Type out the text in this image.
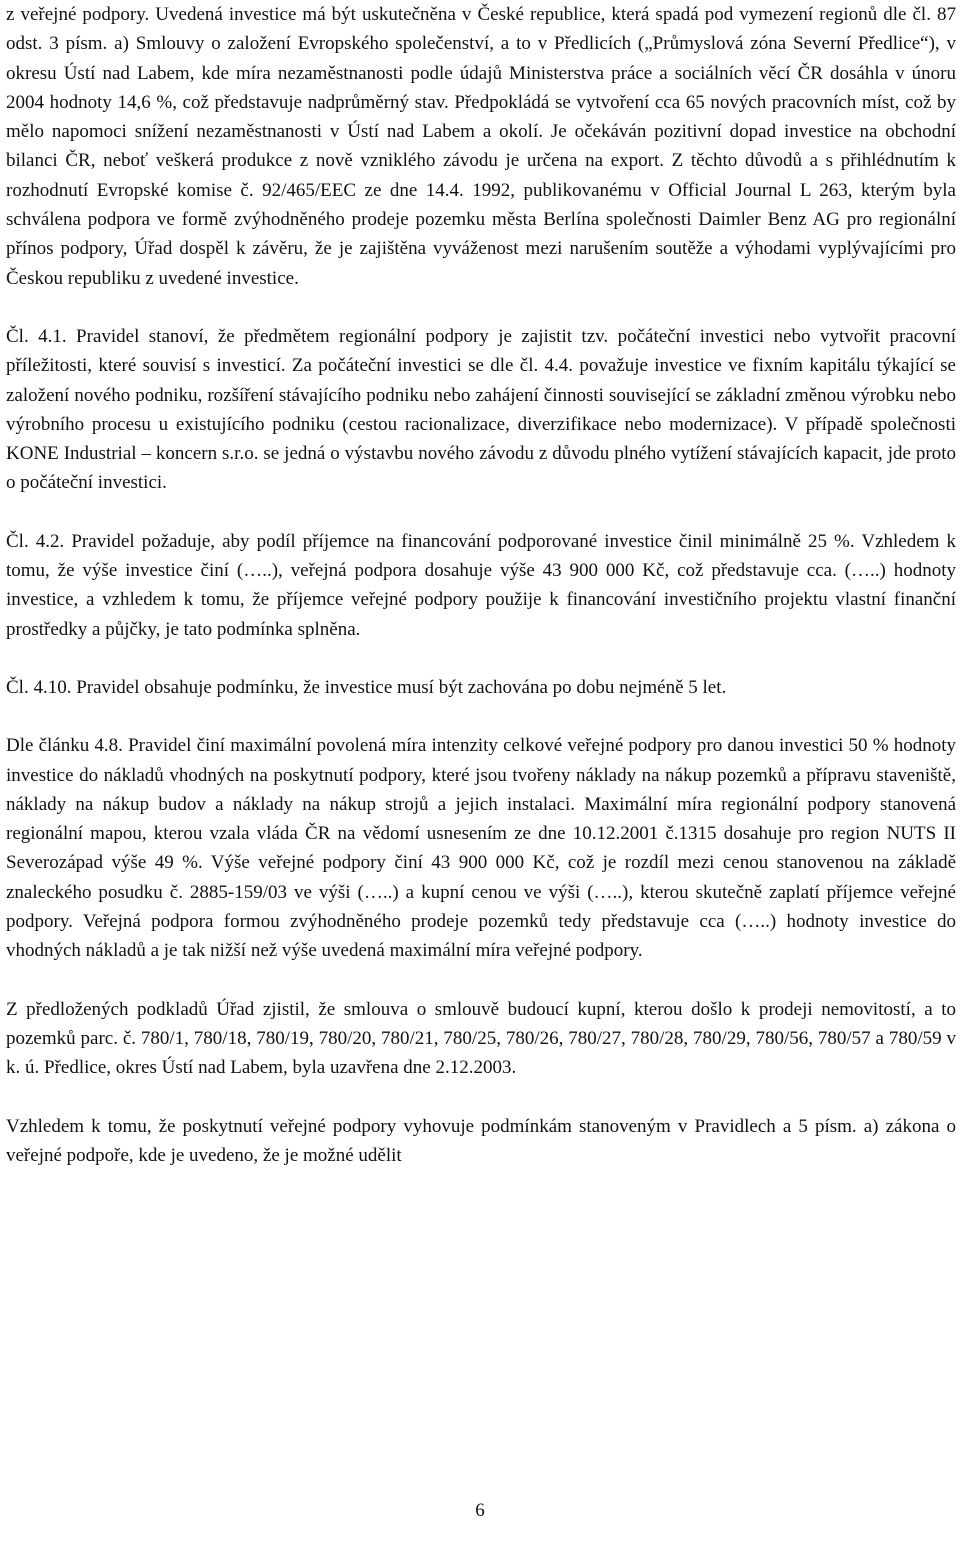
z veřejné podpory. Uvedená investice má být uskutečněna v České republice, která spadá pod vymezení regionů dle čl. 87 odst. 3 písm. a) Smlouvy o založení Evropského společenství, a to v Předlicích („Průmyslová zóna Severní Předlice“), v okresu Ústí nad Labem, kde míra nezaměstnanosti podle údajů Ministerstva práce a sociálních věcí ČR dosáhla v únoru 2004 hodnoty 14,6 %, což představuje nadprůměrný stav. Předpokládá se vytvoření cca 65 nových pracovních míst, což by mělo napomoci snížení nezaměstnanosti v Ústí nad Labem a okolí. Je očekáván pozitivní dopad investice na obchodní bilanci ČR, neboť veškerá produkce z nově vzniklého závodu je určena na export. Z těchto důvodů a s přihlédnutím k rozhodnutí Evropské komise č. 92/465/EEC ze dne 14.4. 1992, publikovanému v Official Journal L 263, kterým byla schválena podpora ve formě zvýhodněného prodeje pozemku města Berlína společnosti Daimler Benz AG pro regionální přínos podpory, Úřad dospěl k závěru, že je zajištěna vyváženost mezi narušením soutěže a výhodami vyplývajícími pro Českou republiku z uvedené investice.

Čl. 4.1. Pravidel stanoví, že předmětem regionální podpory je zajistit tzv. počáteční investici nebo vytvořit pracovní příležitosti, které souvisí s investicí. Za počáteční investici se dle čl. 4.4. považuje investice ve fixním kapitálu týkající se založení nového podniku, rozšíření stávajícího podniku nebo zahájení činnosti související se základní změnou výrobku nebo výrobního procesu u existujícího podniku (cestou racionalizace, diverzifikace nebo modernizace). V případě společnosti KONE Industrial – koncern s.r.o. se jedná o výstavbu nového závodu z důvodu plného vytížení stávajících kapacit, jde proto o počáteční investici.

Čl. 4.2. Pravidel požaduje, aby podíl příjemce na financování podporované investice činil minimálně 25 %. Vzhledem k tomu, že výše investice činí (…..), veřejná podpora dosahuje výše 43 900 000 Kč, což představuje cca. (…..) hodnoty investice, a vzhledem k tomu, že příjemce veřejné podpory použije k financování investičního projektu vlastní finanční prostředky a půjčky, je tato podmínka splněna.

Čl. 4.10. Pravidel obsahuje podmínku, že investice musí být zachována po dobu nejméně 5 let.

Dle článku 4.8. Pravidel činí maximální povolená míra intenzity celkové veřejné podpory pro danou investici 50 % hodnoty investice do nákladů vhodných na poskytnutí podpory, které jsou tvořeny náklady na nákup pozemků a přípravu staveniště, náklady na nákup budov a náklady na nákup strojů a jejich instalaci. Maximální míra regionální podpory stanovená regionální mapou, kterou vzala vláda ČR na vědomí usnesením ze dne 10.12.2001 č.1315 dosahuje pro region NUTS II Severozápad výše 49 %. Výše veřejné podpory činí 43 900 000 Kč, což je rozdíl mezi cenou stanovenou na základě znaleckého posudku č. 2885-159/03 ve výši (…..) a kupní cenou ve výši (…..), kterou skutečně zaplatí příjemce veřejné podpory. Veřejná podpora formou zvýhodněného prodeje pozemků tedy představuje cca (…..) hodnoty investice do vhodných nákladů a je tak nižší než výše uvedená maximální míra veřejné podpory.

Z předložených podkladů Úřad zjistil, že smlouva o smlouvě budoucí kupní, kterou došlo k prodeji nemovitostí, a to pozemků parc. č. 780/1, 780/18, 780/19, 780/20, 780/21, 780/25, 780/26, 780/27, 780/28, 780/29, 780/56, 780/57 a 780/59 v k. ú. Předlice, okres Ústí nad Labem, byla uzavřena dne 2.12.2003.

Vzhledem k tomu, že poskytnutí veřejné podpory vyhovuje podmínkám stanoveným v Pravidlech a 5 písm. a) zákona o veřejné podpoře, kde je uvedeno, že je možné udělit

6
